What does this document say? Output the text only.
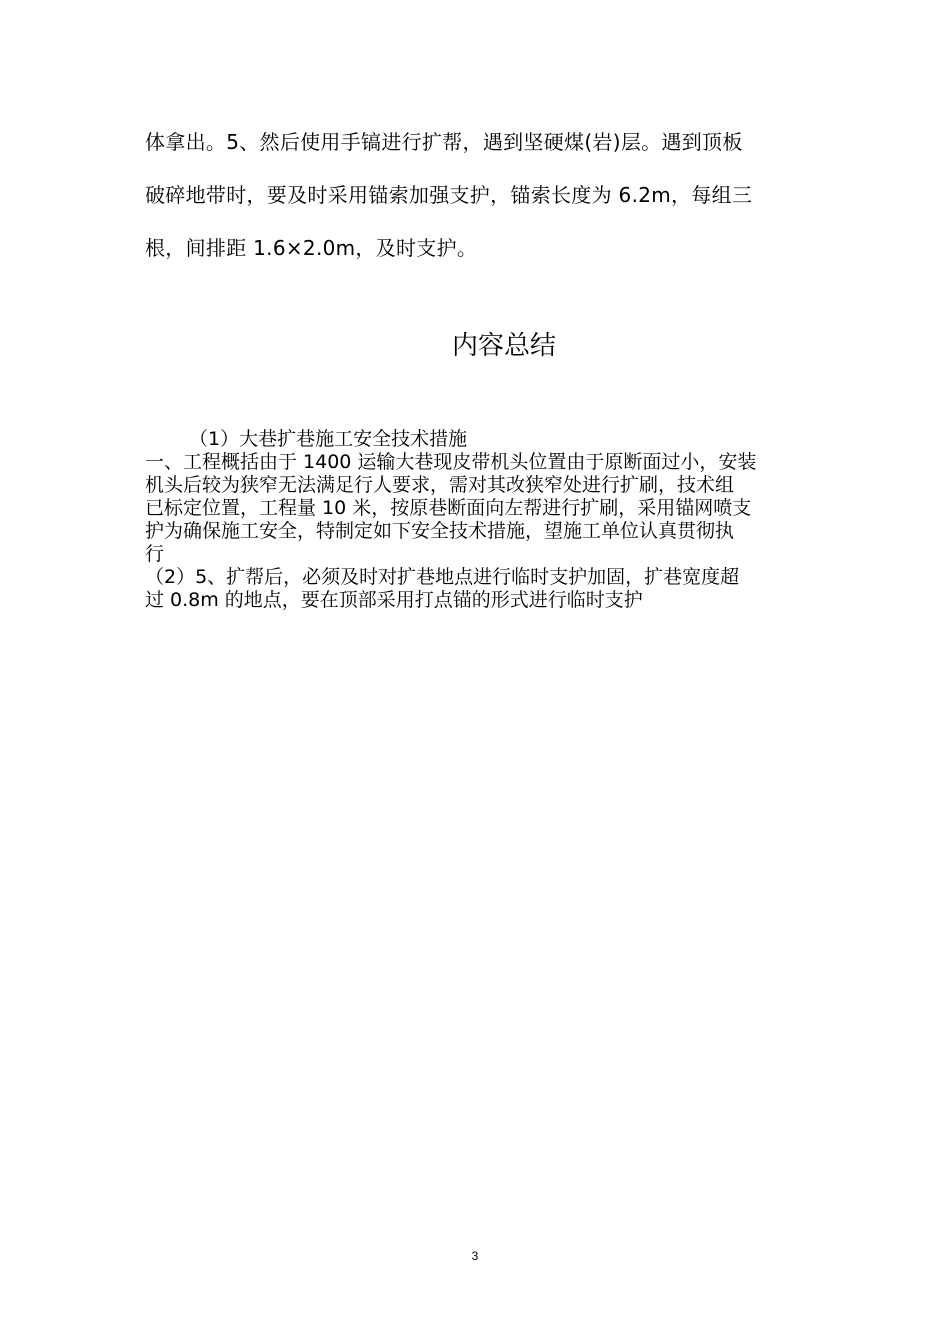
体拿出。5、然后使用手镐进行扩帮，遇到坚硬煤(岩)层。遇到顶板
破碎地带时，要及时采用锚索加强支护，锚索长度为 6.2m，每组三
根，间排距 1.6×2.0m，及时支护。
内容总结
（1）大巷扩巷施工安全技术措施
一、工程概括由于 1400 运输大巷现皮带机头位置由于原断面过小，安装
机头后较为狭窄无法满足行人要求，需对其改狭窄处进行扩刷，技术组
已标定位置，工程量 10 米，按原巷断面向左帮进行扩刷，采用锚网喷支
护为确保施工安全，特制定如下安全技术措施，望施工单位认真贯彻执
行
（2）5、扩帮后，必须及时对扩巷地点进行临时支护加固，扩巷宽度超
过 0.8m 的地点，要在顶部采用打点锚的形式进行临时支护
3
